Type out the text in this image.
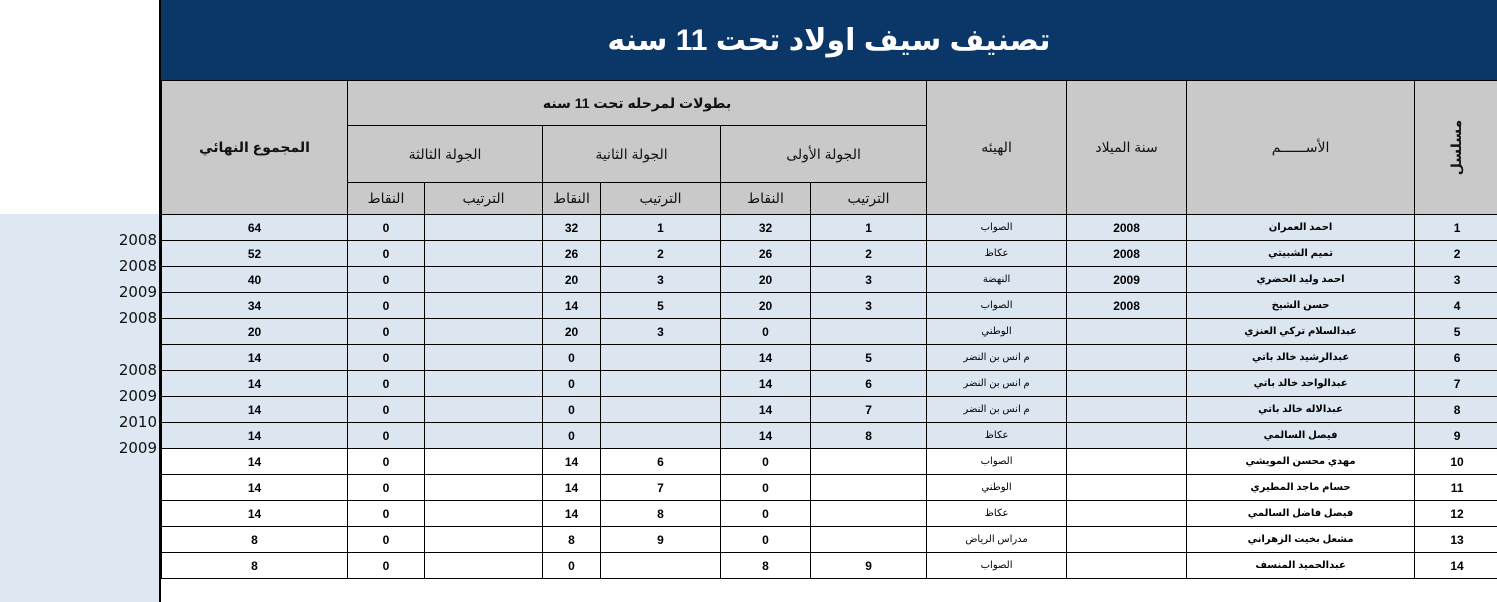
2008
2008
2009
2008
2008
2009
2010
2009
تصنيف سيف اولاد تحت 11 سنه
المجموع النهائي	بطولات لمرحله تحت 11 سنه						الهيئه	سنة الميلاد	الأســــــم	مسلسل
	الجولة الثالثة		الجولة الثانية		الجولة الأولى					
	النقاط	الترتيب	النقاط	الترتيب	النقاط	الترتيب				
64	0		32	1	32	1	الصواب	2008	احمد العمران	1
52	0		26	2	26	2	عكاظ	2008	تميم الشبيتي	2
40	0		20	3	20	3	النهضة	2009	احمد وليد الحضري	3
34	0		14	5	20	3	الصواب	2008	حسن الشيخ	4
20	0		20	3	0		الوطني		عبدالسلام تركي العنزي	5
14	0		0		14	5	م انس بن النضر		عبدالرشيد خالد باتي	6
14	0		0		14	6	م انس بن النضر		عبدالواحد خالد باتي	7
14	0		0		14	7	م انس بن النضر		عبدالاله خالد باتي	8
14	0		0		14	8	عكاظ		فيصل السالمي	9
14	0		14	6	0		الصواب		مهدي محسن المويشي	10
14	0		14	7	0		الوطني		حسام ماجد المطيري	11
14	0		14	8	0		عكاظ		فيصل فاضل السالمي	12
8	0		8	9	0		مدراس الرياض		مشعل بخيت الزهراني	13
8	0		0		8	9	الصواب		عبدالحميد المنسف	14
